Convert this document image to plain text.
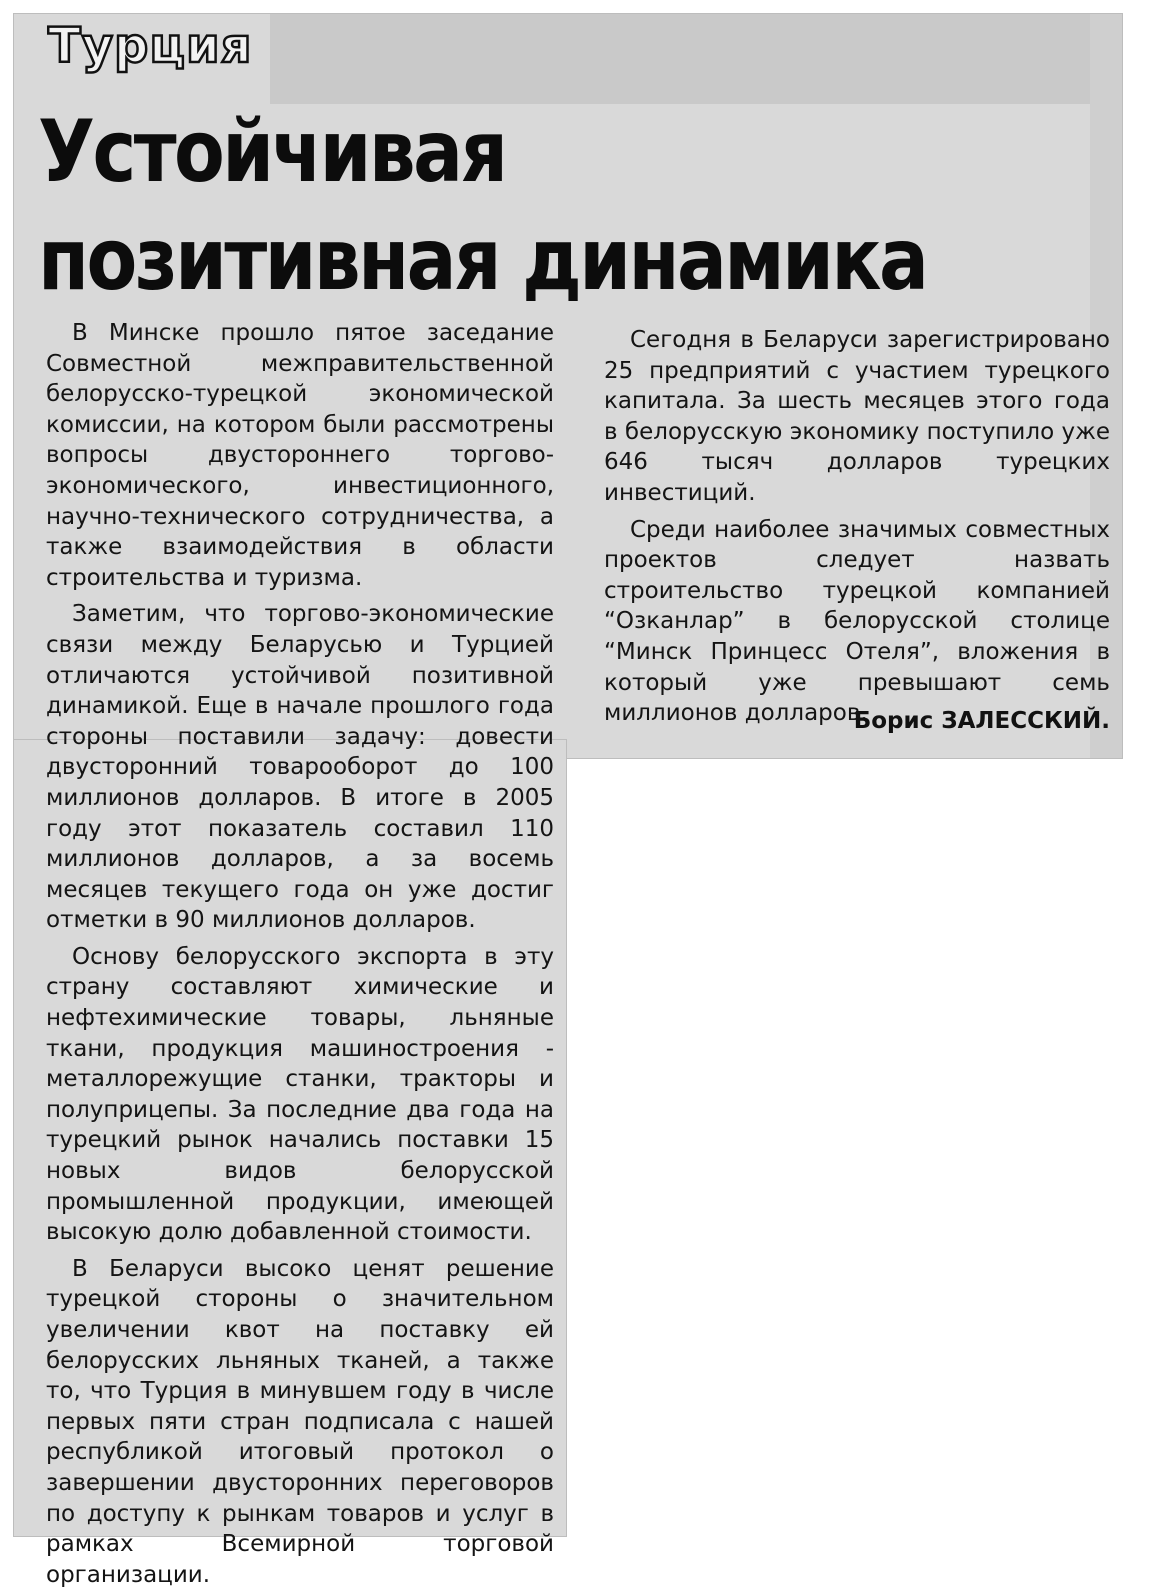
Турция
Устойчивая
позитивная динамика

В Минске прошло пятое заседание Совместной межправительственной белорусско-турецкой экономической комиссии, на котором были рассмотрены вопросы двустороннего торгово-экономического, инвестиционного, научно-технического сотрудничества, а также взаимодействия в области строительства и туризма.

Заметим, что торгово-экономические связи между Беларусью и Турцией отличаются устойчивой позитивной динамикой. Еще в начале прошлого года стороны поставили задачу: довести двусторонний товарооборот до 100 миллионов долларов. В итоге в 2005 году этот показатель составил 110 миллионов долларов, а за восемь месяцев текущего года он уже достиг отметки в 90 миллионов долларов.

Основу белорусского экспорта в эту страну составляют химические и нефтехимические товары, льняные ткани, продукция машиностроения - металлорежущие станки, тракторы и полуприцепы. За последние два года на турецкий рынок начались поставки 15 новых видов белорусской промышленной продукции, имеющей высокую долю добавленной стоимости.

В Беларуси высоко ценят решение турецкой стороны о значительном увеличении квот на поставку ей белорусских льняных тканей, а также то, что Турция в минувшем году в числе первых пяти стран подписала с нашей республикой итоговый протокол о завершении двусторонних переговоров по доступу к рынкам товаров и услуг в рамках Всемирной торговой организации.

Сегодня в Беларуси зарегистрировано 25 предприятий с участием турецкого капитала. За шесть месяцев этого года в белорусскую экономику поступило уже 646 тысяч долларов турецких инвестиций.

Среди наиболее значимых совместных проектов следует назвать строительство турецкой компанией “Озканлар” в белорусской столице “Минск Принцесс Отеля”, вложения в который уже превышают семь миллионов долларов.

Борис ЗАЛЕССКИЙ.
